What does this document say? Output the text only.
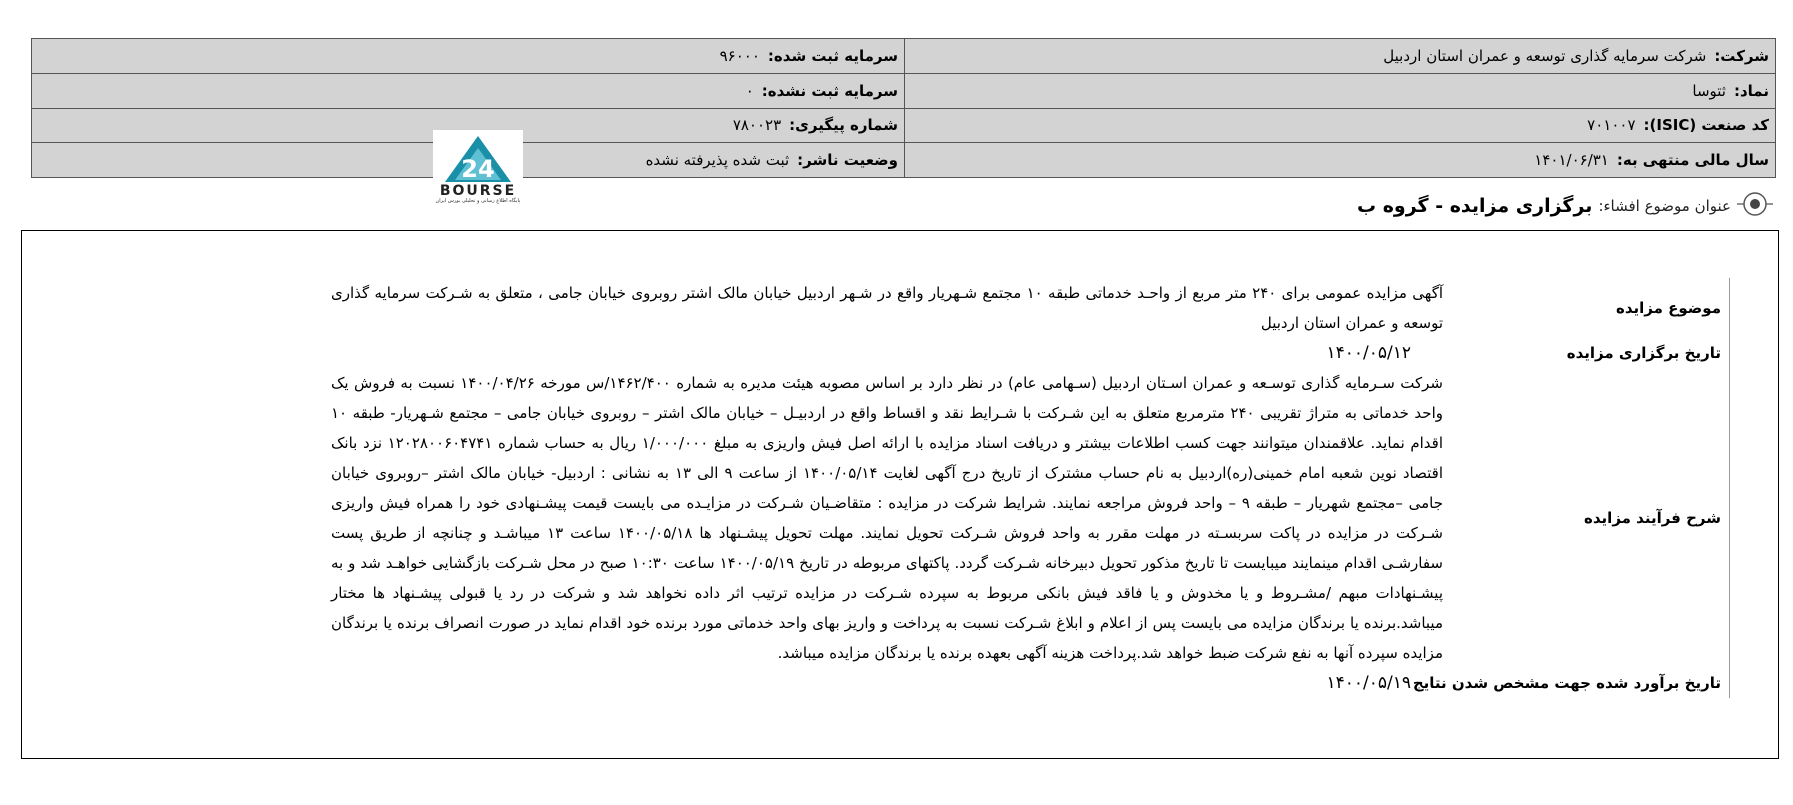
شرکت:شرکت سرمایه گذاری توسعه و عمران استان اردبیل	سرمایه ثبت شده:۹۶۰۰۰
نماد:ثتوسا	سرمایه ثبت نشده:۰
کد صنعت (ISIC):۷۰۱۰۰۷	شماره پیگیری:۷۸۰۰۲۳
سال مالی منتهی به:۱۴۰۱/۰۶/۳۱	وضعیت ناشر:ثبت شده پذیرفته نشده
24
BOURSE
پایگاه اطلاع رسانی و تحلیلی بورس ایران	عنوان موضوع افشاء:
برگزاری مزایده - گروه ب
موضوع مزایده	آگهی مزایده عمومی برای ۲۴۰ متر مربع از واحـد خدماتی طبقه ۱۰ مجتمع شـهریار واقع در شـهر اردبیل خیابان مالک اشتر روبروی خیابان جامی ، متعلق به شـرکت سرمایه گذاری توسعه و عمران استان اردبیل
تاریخ برگزاری مزایده	۱۴۰۰/۰۵/۱۲
شرح فرآیند مزایده	شرکت سـرمایه گذاری توسـعه و عمران اسـتان اردبیل (سـهامی عام) در نظر دارد بر اساس مصوبه هیئت مدیره به شماره ۱۴۶۲/۴۰۰/س مورخه ۱۴۰۰/۰۴/۲۶ نسبت به فروش یک واحد خدماتی به متراژ تقریبی ۲۴۰ مترمربع متعلق به این شـرکت با شـرایط نقد و اقساط واقع در اردبیـل – خیابان مالک اشتر – روبروی خیابان جامی – مجتمع شـهریار- طبقه ۱۰ اقدام نماید. علاقمندان میتوانند جهت کسب اطلاعات بیشتر و دریافت اسناد مزایده با ارائه اصل فیش واریزی به مبلغ ۱/۰۰۰/۰۰۰ ریال به حساب شماره ۱۲۰۲۸۰۰۶۰۴۷۴۱ نزد بانک اقتصاد نوین شعبه امام خمینی(ره)اردبیل به نام حساب مشترک از تاریخ درج آگهی لغایت ۱۴۰۰/۰۵/۱۴ از ساعت ۹ الی ۱۳ به نشانی : اردبیل- خیابان مالک اشتر –روبروی خیابان جامی –مجتمع شهریار – طبقه ۹ – واحد فروش مراجعه نمایند. شرایط شرکت در مزایده : متقاضـیان شـرکت در مزایـده می بایست قیمت پیشـنهادی خود را همراه فیش واریزی شـرکت در مزایده در پاکت سربسـته در مهلت مقرر به واحد فروش شـرکت تحویل نمایند. مهلت تحویل پیشـنهاد ها ۱۴۰۰/۰۵/۱۸ ساعت ۱۳ میباشـد و چنانچه از طریق پست سفارشـی اقدام مینمایند میبایست تا تاریخ مذکور تحویل دبیرخانه شـرکت گردد. پاکتهای مربوطه در تاریخ ۱۴۰۰/۰۵/۱۹ ساعت ۱۰:۳۰ صبح در محل شـرکت بازگشایی خواهـد شد و به پیشـنهادات مبهم /مشـروط و یا مخدوش و یا فاقد فیش بانکی مربوط به سپرده شـرکت در مزایده ترتیب اثر داده نخواهد شد و شرکت در رد یا قبولی پیشـنهاد ها مختار میباشد.برنده یا برندگان مزایده می بایست پس از اعلام و ابلاغ شـرکت نسبت به پرداخت و واریز بهای واحد خدماتی مورد برنده خود اقدام نماید در صورت انصراف برنده یا برندگان مزایده سپرده آنها به نفع شرکت ضبط خواهد شد.پرداخت هزینه آگهی بعهده برنده یا برندگان مزایده میباشد.
تاریخ برآورد شده جهت مشخص شدن نتایج	۱۴۰۰/۰۵/۱۹
